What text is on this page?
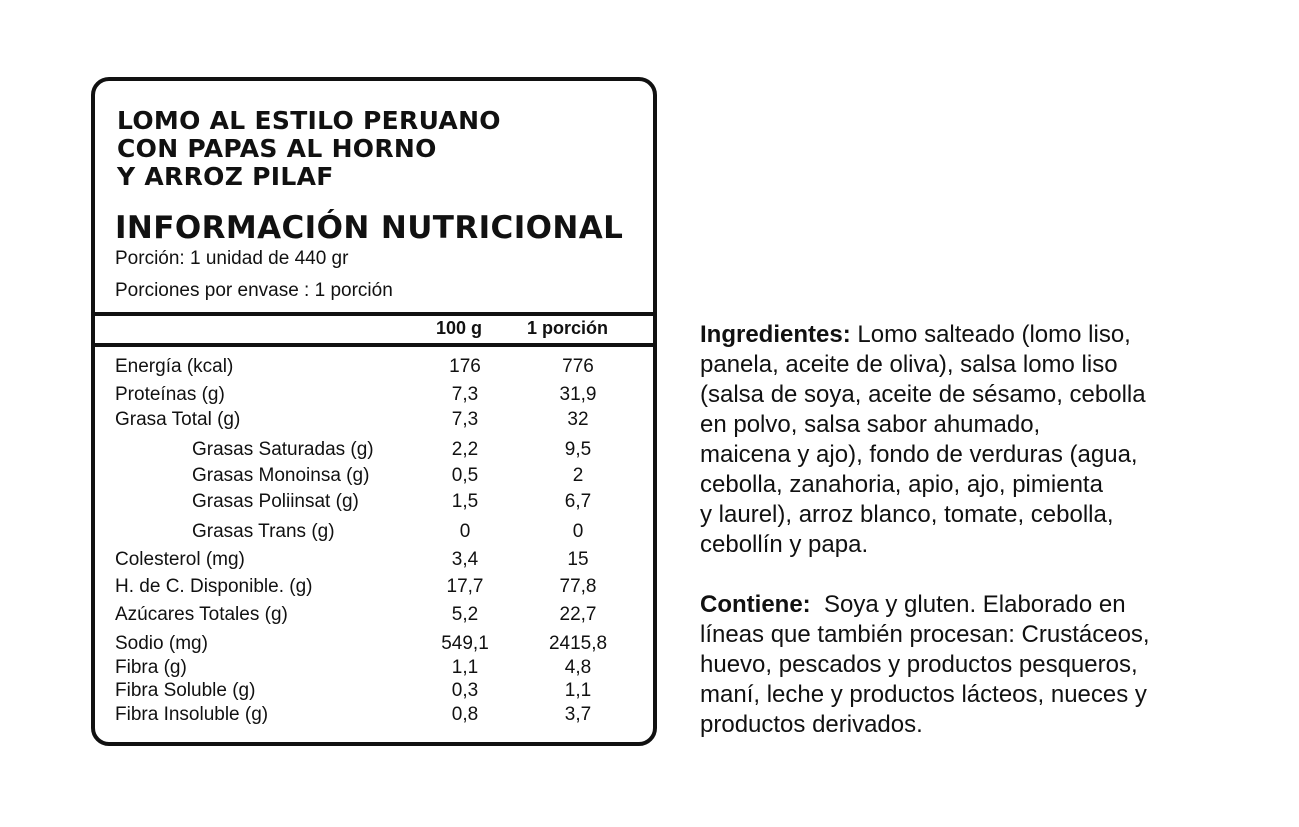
LOMO AL ESTILO PERUANO
CON PAPAS AL HORNO
Y ARROZ PILAF
INFORMACIÓN NUTRICIONAL
Porción: 1 unidad de 440 gr
Porciones por envase : 1 porción
100 g 1 porción
Energía (kcal)	176	776
Proteínas (g)	7,3	31,9
Grasa Total (g)	7,3	32
Grasas Saturadas (g)	2,2	9,5
Grasas Monoinsa (g)	0,5	2
Grasas Poliinsat (g)	1,5	6,7
Grasas Trans (g)	0	0
Colesterol (mg)	3,4	15
H. de C. Disponible. (g)	17,7	77,8
Azúcares Totales (g)	5,2	22,7
Sodio (mg)	549,1	2415,8
Fibra (g)	1,1	4,8
Fibra Soluble (g)	0,3	1,1
Fibra Insoluble (g)	0,8	3,7
Ingredientes: Lomo salteado (lomo liso,
panela, aceite de oliva), salsa lomo liso
(salsa de soya, aceite de sésamo, cebolla
en polvo, salsa sabor ahumado,
maicena y ajo), fondo de verduras (agua,
cebolla, zanahoria, apio, ajo, pimienta
y laurel), arroz blanco, tomate, cebolla,
cebollín y papa.
Contiene:  Soya y gluten. Elaborado en
líneas que también procesan: Crustáceos,
huevo, pescados y productos pesqueros,
maní, leche y productos lácteos, nueces y
productos derivados.
